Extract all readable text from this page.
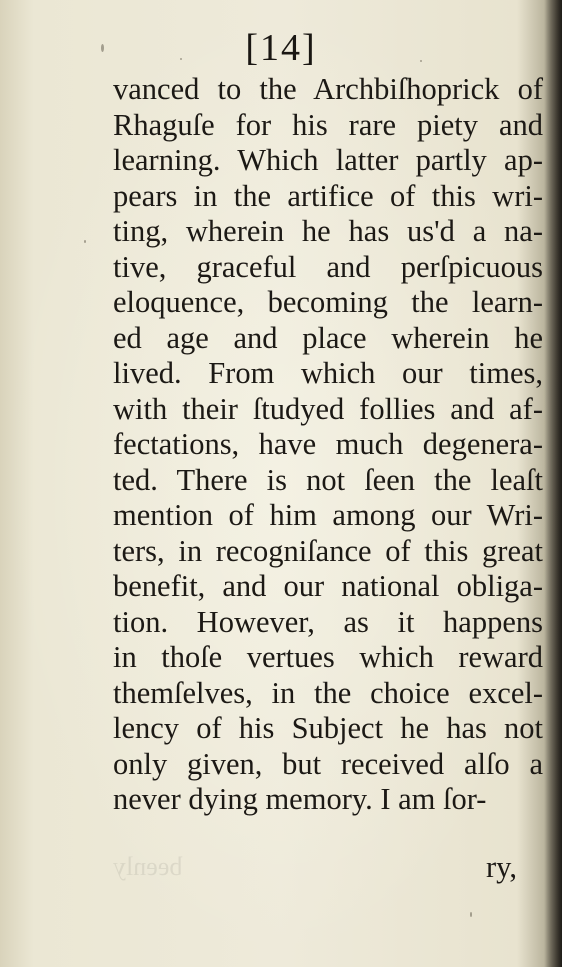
[14]
vanced to the Archbiſhoprick of
Rhaguſe for his rare piety and
learning. Which latter partly ap-
pears in the artifice of this wri-
ting, wherein he has us'd a na-
tive, graceful and perſpicuous
eloquence, becoming the learn-
ed age and place wherein he
lived. From which our times,
with their ſtudyed follies and af-
fectations, have much degenera-
ted. There is not ſeen the leaſt
mention of him among our Wri-
ters, in recogniſance of this great
benefit, and our national obliga-
tion. However, as it happens
in thoſe vertues which reward
themſelves, in the choice excel-
lency of his Subject he has not
only given, but received alſo a
never dying memory. I am ſor-
beenly	ry,
